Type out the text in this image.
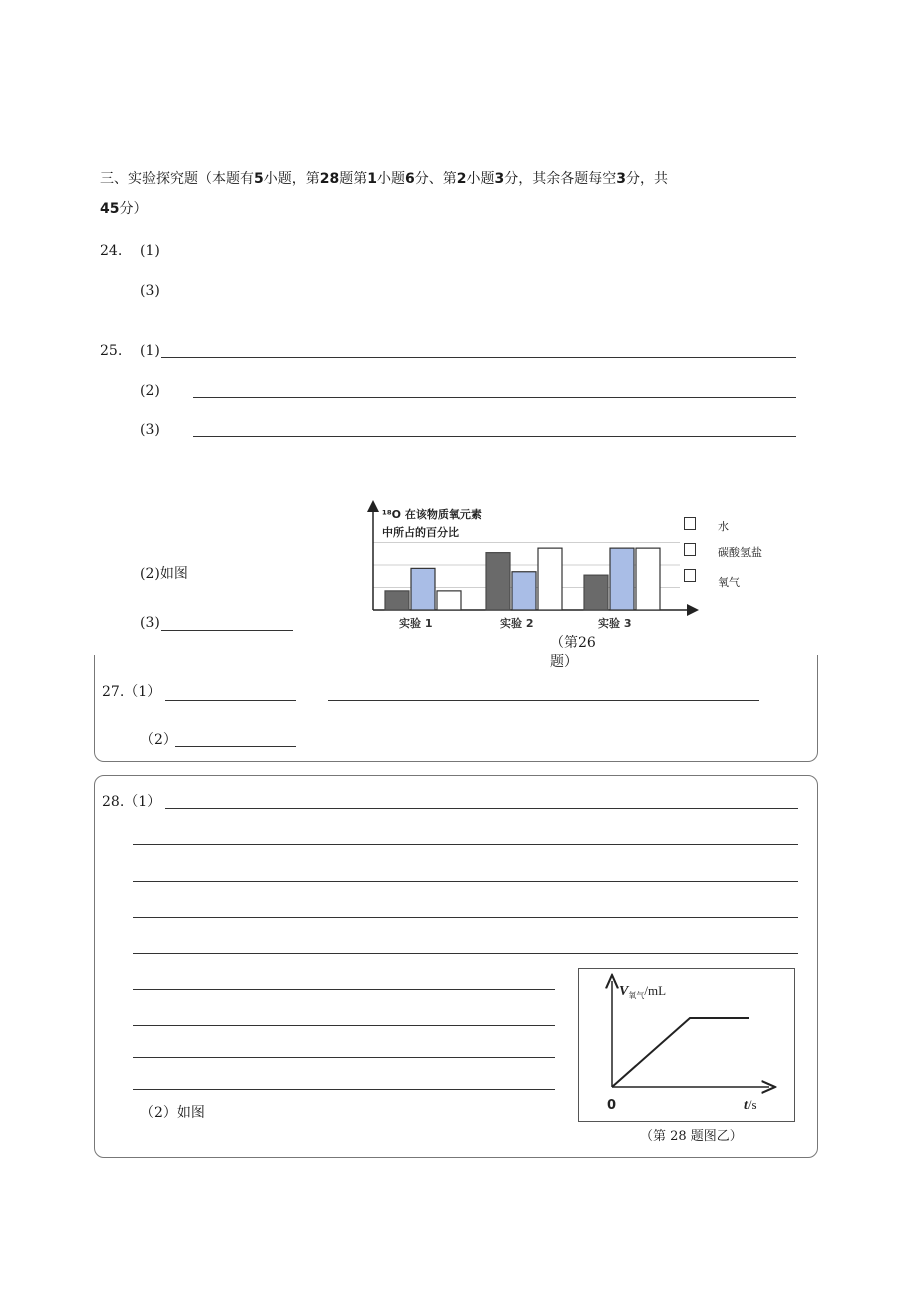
三、实验探究题（本题有5小题，第28题第1小题6分、第2小题3分，其余各题每空3分，共
45分）
24. (1)
(3)
25. (1)
(2)
(3)
(2)如图
(3)
¹⁸O 在该物质氧元素
中所占的百分比
实验 1	实验 2	实验 3
水
碳酸氢盐
氧气
（第26
题）
27.（1）
（2）
28.（1）
（2）如图
V氧气/mL
0	t/s
（第 28 题图乙）
